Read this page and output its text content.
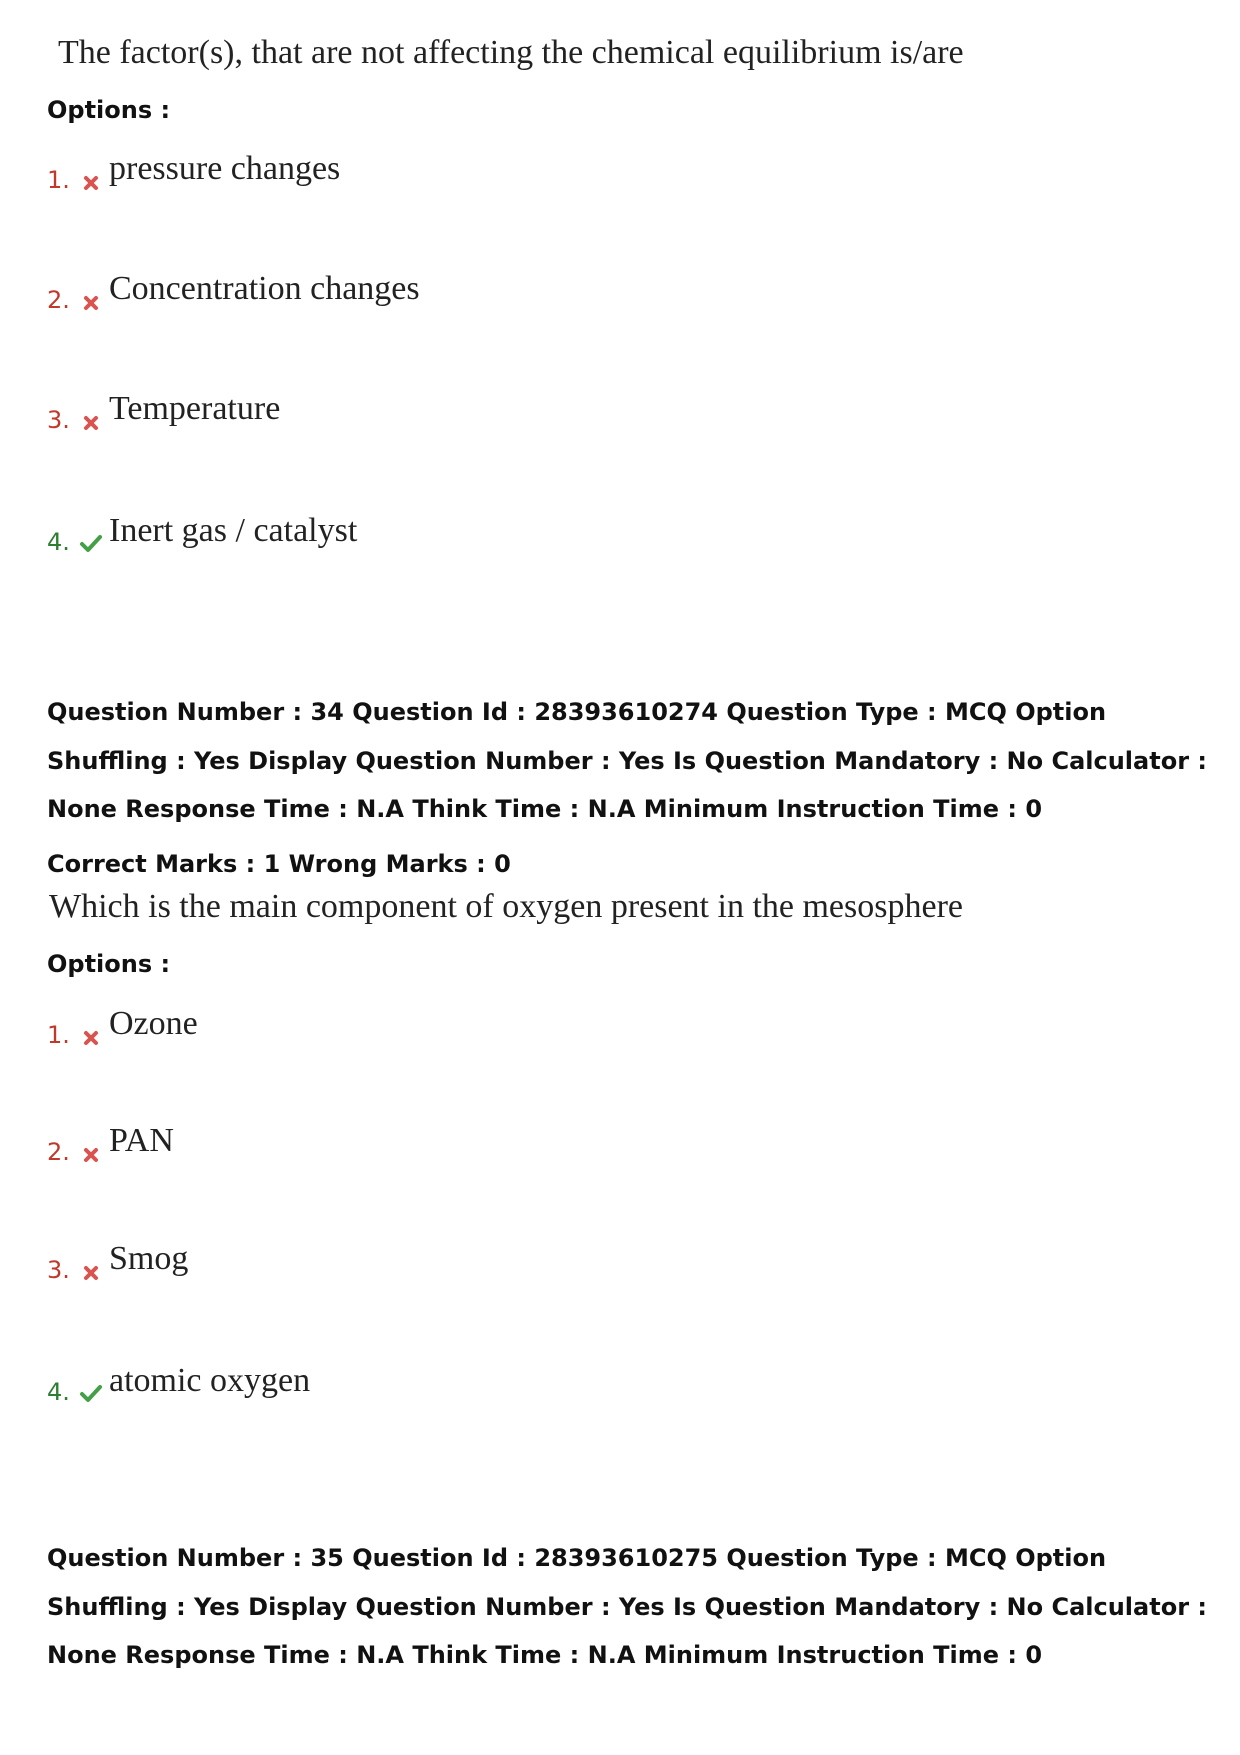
The factor(s), that are not affecting the chemical equilibrium is/are
Options :
1. pressure changes
2. Concentration changes
3. Temperature
4. Inert gas / catalyst
Question Number : 34 Question Id : 28393610274 Question Type : MCQ Option Shuffling : Yes Display Question Number : Yes Is Question Mandatory : No Calculator : None Response Time : N.A Think Time : N.A Minimum Instruction Time : 0
Correct Marks : 1 Wrong Marks : 0
Which is the main component of oxygen present in the mesosphere
Options :
1. Ozone
2. PAN
3. Smog
4. atomic oxygen
Question Number : 35 Question Id : 28393610275 Question Type : MCQ Option Shuffling : Yes Display Question Number : Yes Is Question Mandatory : No Calculator : None Response Time : N.A Think Time : N.A Minimum Instruction Time : 0
